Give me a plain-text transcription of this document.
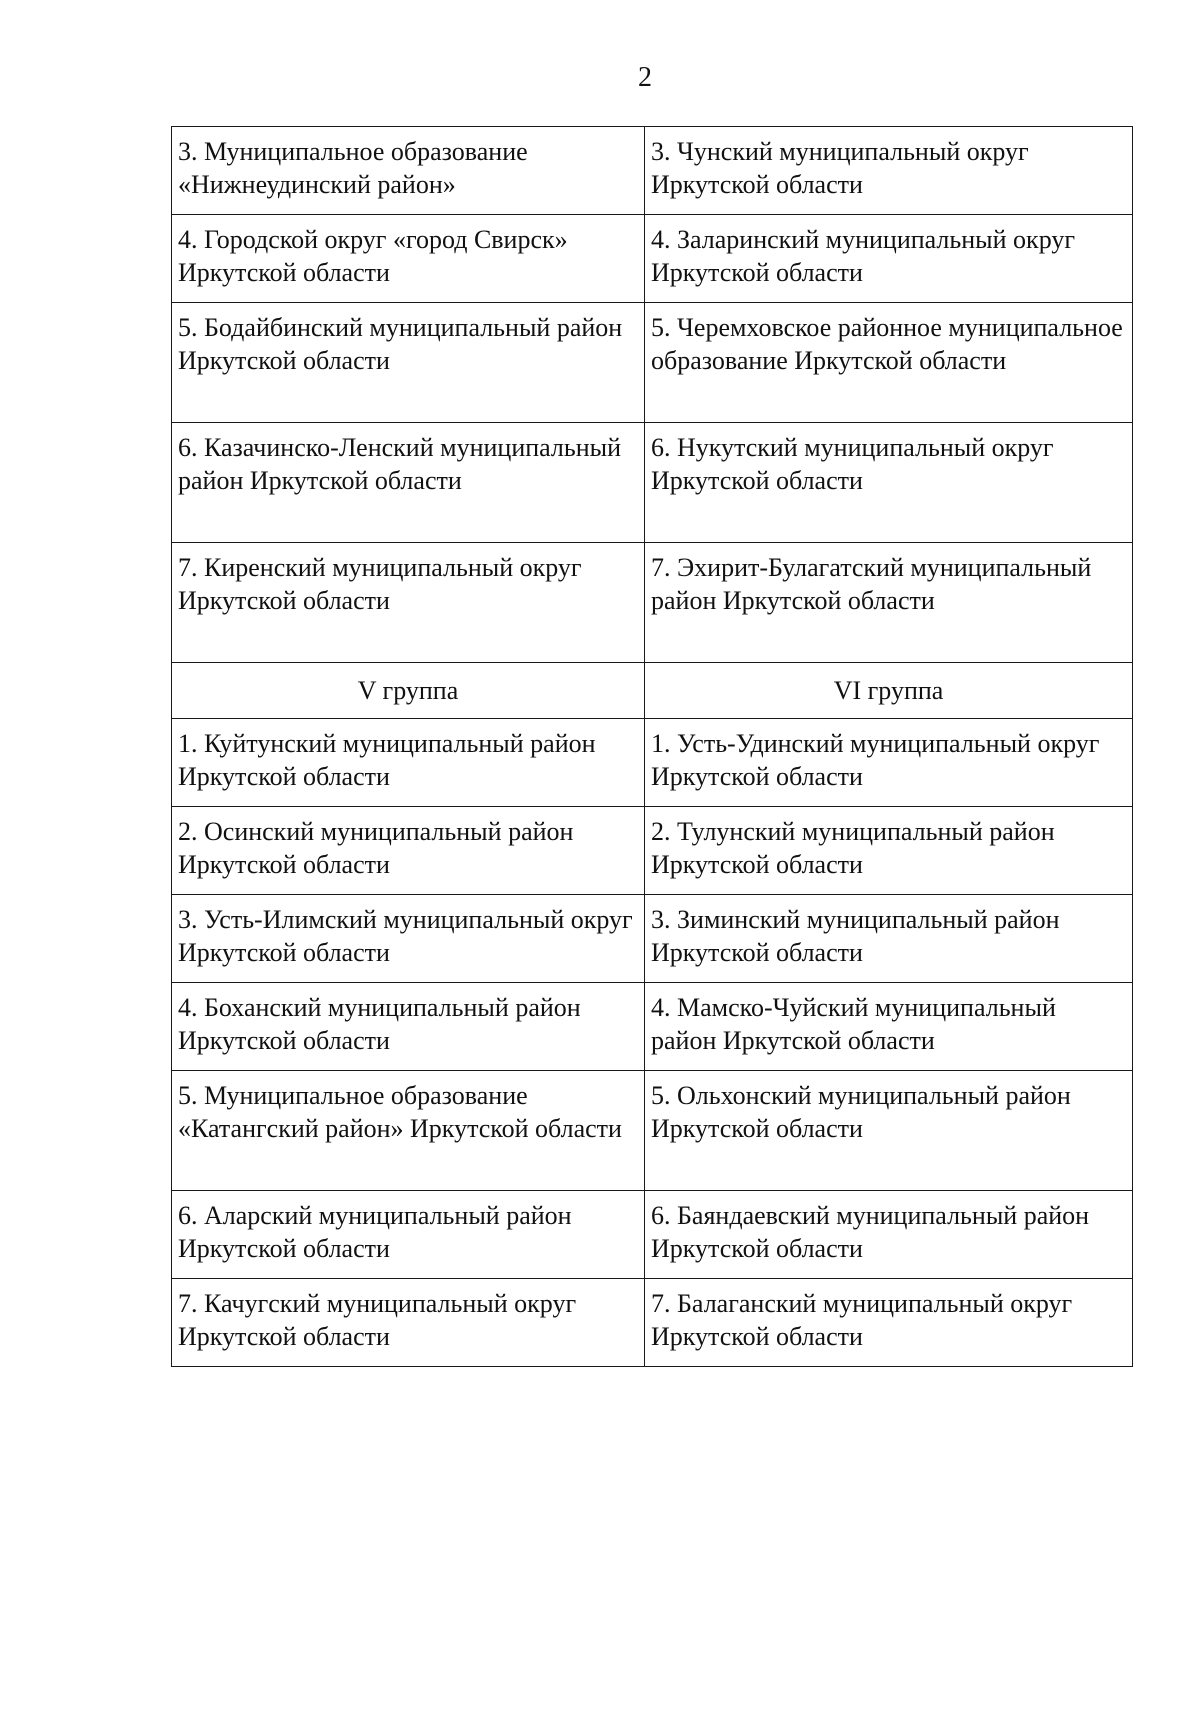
2
3. Муниципальное образование «Нижнеудинский район»	3. Чунский муниципальный округ Иркутской области
4. Городской округ «город Свирск» Иркутской области	4. Заларинский муниципальный округ Иркутской области
5. Бодайбинский муниципальный район Иркутской области	5. Черемховское районное муниципальное образование Иркутской области
6. Казачинско-Ленский муниципальный район Иркутской области	6. Нукутский муниципальный округ Иркутской области
7. Киренский муниципальный округ Иркутской области	7. Эхирит-Булагатский муниципальный район Иркутской области
V группа	VI группа
1. Куйтунский муниципальный район Иркутской области	1. Усть-Удинский муниципальный округ Иркутской области
2. Осинский муниципальный район Иркутской области	2. Тулунский муниципальный район Иркутской области
3. Усть-Илимский муниципальный округ Иркутской области	3. Зиминский муниципальный район Иркутской области
4. Боханский муниципальный район Иркутской области	4. Мамско-Чуйский муниципальный район Иркутской области
5. Муниципальное образование «Катангский район» Иркутской области	5. Ольхонский муниципальный район Иркутской области
6. Аларский муниципальный район Иркутской области	6. Баяндаевский муниципальный район Иркутской области
7. Качугский муниципальный округ Иркутской области	7. Балаганский муниципальный округ Иркутской области
